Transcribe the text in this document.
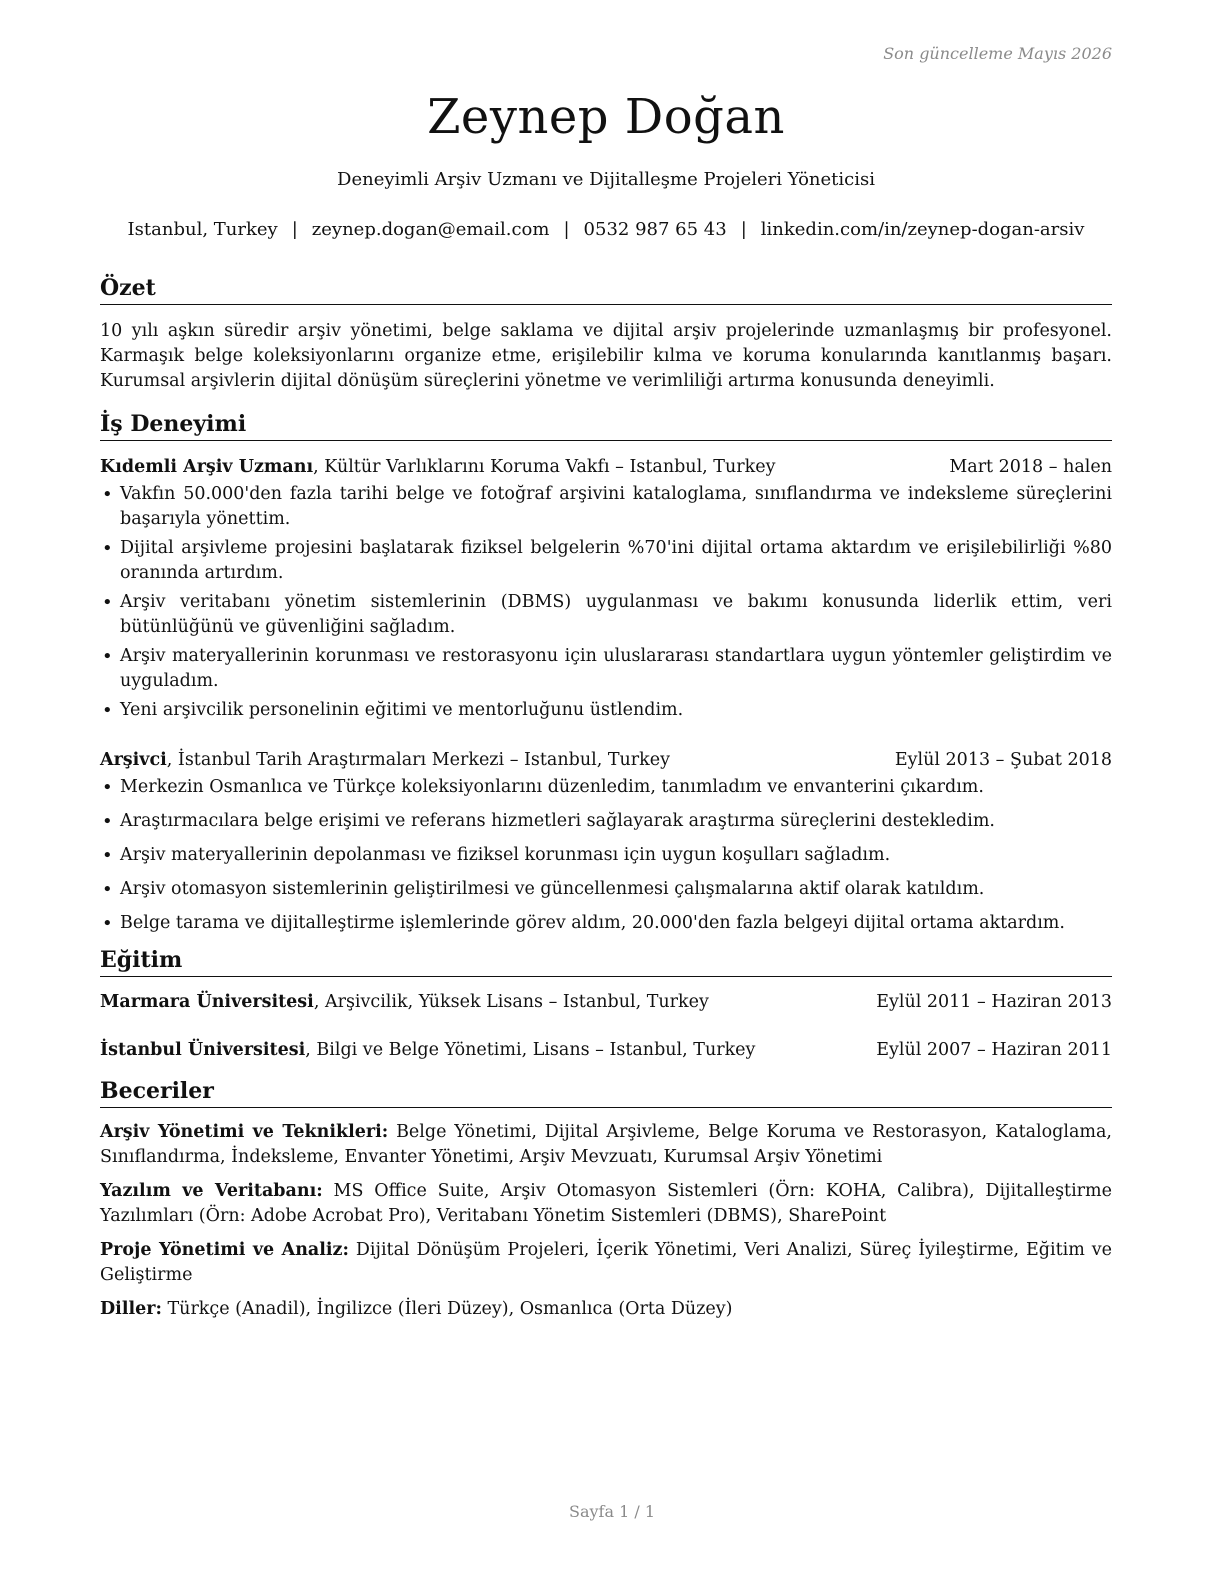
Son güncelleme Mayıs 2026
Zeynep Doğan
Deneyimli Arşiv Uzmanı ve Dijitalleşme Projeleri Yöneticisi
Istanbul, Turkey | zeynep.dogan@email.com | 0532 987 65 43 | linkedin.com/in/zeynep-dogan-arsiv
Özet
10 yılı aşkın süredir arşiv yönetimi, belge saklama ve dijital arşiv projelerinde uzmanlaşmış bir profesyonel. Karmaşık belge koleksiyonlarını organize etme, erişilebilir kılma ve koruma konularında kanıtlanmış başarı. Kurumsal arşivlerin dijital dönüşüm süreçlerini yönetme ve verimliliği artırma konusunda deneyimli.
İş Deneyimi
Kıdemli Arşiv Uzmanı, Kültür Varlıklarını Koruma Vakfı – Istanbul, Turkey	Mart 2018 – halen
• Vakfın 50.000'den fazla tarihi belge ve fotoğraf arşivini kataloglama, sınıflandırma ve indeksleme süreçlerini başarıyla yönettim.
• Dijital arşivleme projesini başlatarak fiziksel belgelerin %70'ini dijital ortama aktardım ve erişilebilirliği %80 oranında artırdım.
• Arşiv veritabanı yönetim sistemlerinin (DBMS) uygulanması ve bakımı konusunda liderlik ettim, veri bütünlüğünü ve güvenliğini sağladım.
• Arşiv materyallerinin korunması ve restorasyonu için uluslararası standartlara uygun yöntemler geliştirdim ve uyguladım.
• Yeni arşivcilik personelinin eğitimi ve mentorluğunu üstlendim.
Arşivci, İstanbul Tarih Araştırmaları Merkezi – Istanbul, Turkey	Eylül 2013 – Şubat 2018
• Merkezin Osmanlıca ve Türkçe koleksiyonlarını düzenledim, tanımladım ve envanterini çıkardım.
• Araştırmacılara belge erişimi ve referans hizmetleri sağlayarak araştırma süreçlerini destekledim.
• Arşiv materyallerinin depolanması ve fiziksel korunması için uygun koşulları sağladım.
• Arşiv otomasyon sistemlerinin geliştirilmesi ve güncellenmesi çalışmalarına aktif olarak katıldım.
• Belge tarama ve dijitalleştirme işlemlerinde görev aldım, 20.000'den fazla belgeyi dijital ortama aktardım.
Eğitim
Marmara Üniversitesi, Arşivcilik, Yüksek Lisans – Istanbul, Turkey	Eylül 2011 – Haziran 2013
İstanbul Üniversitesi, Bilgi ve Belge Yönetimi, Lisans – Istanbul, Turkey	Eylül 2007 – Haziran 2011
Beceriler
Arşiv Yönetimi ve Teknikleri: Belge Yönetimi, Dijital Arşivleme, Belge Koruma ve Restorasyon, Kataloglama, Sınıflandırma, İndeksleme, Envanter Yönetimi, Arşiv Mevzuatı, Kurumsal Arşiv Yönetimi
Yazılım ve Veritabanı: MS Office Suite, Arşiv Otomasyon Sistemleri (Örn: KOHA, Calibra), Dijitalleştirme Yazılımları (Örn: Adobe Acrobat Pro), Veritabanı Yönetim Sistemleri (DBMS), SharePoint
Proje Yönetimi ve Analiz: Dijital Dönüşüm Projeleri, İçerik Yönetimi, Veri Analizi, Süreç İyileştirme, Eğitim ve Geliştirme
Diller: Türkçe (Anadil), İngilizce (İleri Düzey), Osmanlıca (Orta Düzey)
Sayfa 1 / 1
